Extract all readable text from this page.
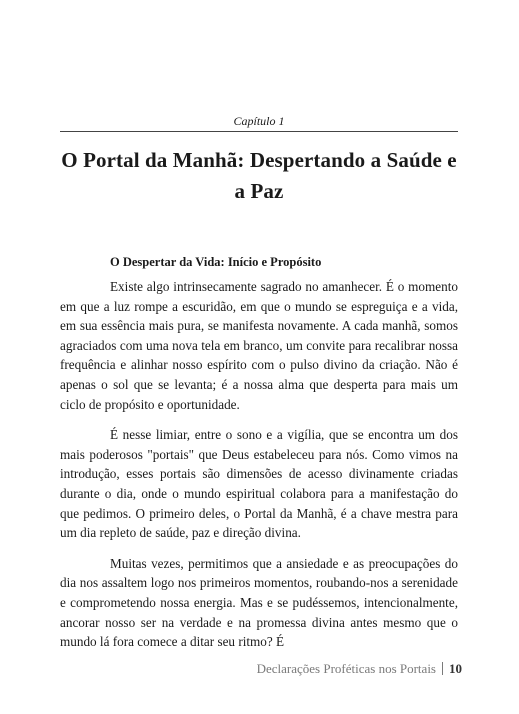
Capítulo 1
O Portal da Manhã: Despertando a Saúde e a Paz
O Despertar da Vida: Início e Propósito

Existe algo intrinsecamente sagrado no amanhecer. É o momento em que a luz rompe a escuridão, em que o mundo se espreguiça e a vida, em sua essência mais pura, se manifesta novamente. A cada manhã, somos agraciados com uma nova tela em branco, um convite para recalibrar nossa frequência e alinhar nosso espírito com o pulso divino da criação. Não é apenas o sol que se levanta; é a nossa alma que desperta para mais um ciclo de propósito e oportunidade.

É nesse limiar, entre o sono e a vigília, que se encontra um dos mais poderosos "portais" que Deus estabeleceu para nós. Como vimos na introdução, esses portais são dimensões de acesso divinamente criadas durante o dia, onde o mundo espiritual colabora para a manifestação do que pedimos. O primeiro deles, o Portal da Manhã, é a chave mestra para um dia repleto de saúde, paz e direção divina.

Muitas vezes, permitimos que a ansiedade e as preocupações do dia nos assaltem logo nos primeiros momentos, roubando-nos a serenidade e comprometendo nossa energia. Mas e se pudéssemos, intencionalmente, ancorar nosso ser na verdade e na promessa divina antes mesmo que o mundo lá fora comece a ditar seu ritmo? É

Declarações Proféticas nos Portais 10
